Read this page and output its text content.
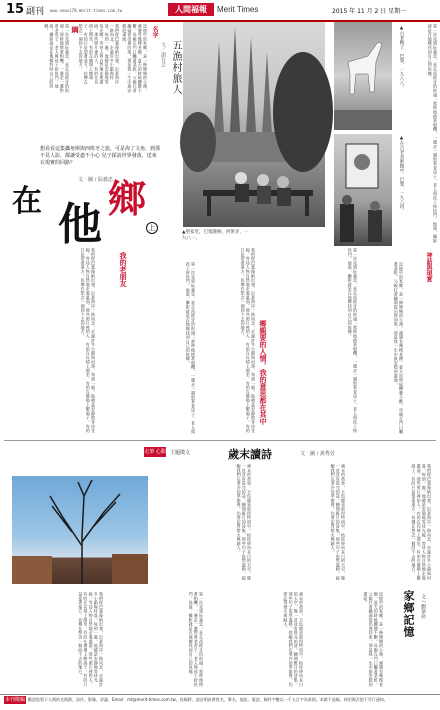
15 副刊 www.newsi78.merit-times.com.tw	人間福報	Merit Times	2015 年 11 月 2 日 星期一
第一次見到阮義忠，是在西班牙的街頭；那時他揹著相機，一邊走一邊對著老房子、老人與孩子按快門。他說，攝影就是在他鄉找回自己的故鄉。	綱	我們從巴塞隆納出發，沿著海岸一路向北，走過許多小鎮與村落。每到一處，他總是安靜地等待光線，等待人物自然地走進畫面。那些照片裡的人，有的在長椅上閒坐，有的在廣場上餵鴿子，有的只是望著遠方，彷彿在想念一個回不去的地方。	名字
記憶中的家鄉，是一條彎彎的小溪，溪邊有幾棵老樹，夏天的時候蟬聲不斷。母親在門口曬著菜乾，父親扛著鋤頭從田裡回來，那是我一生中最安穩的畫面。
五漁村旅人
文／謝有芸
想看看這集攝角斯與西班牙之旅，可是海了文角，到那不見人影，都讓受盡不小心 兒子採訪世界發落，送來在現實的回路？
在 他
鄉
上
文‧圖 / 阮義忠
▲聖家堂，巴塞隆納，西班牙，一九八一。
▲古老鴨子．巴黎．一九八八。
▲在古老美術館中，巴黎，一九八四。	第一次見到阮義忠，是在西班牙的街頭；那時他揹著相機，一邊走一邊對著老房子、老人與孩子按快門。他說，攝影就是在他鄉找回自己的故鄉。
我們從巴塞隆納出發，沿著海岸一路向北，走過許多小鎮與村落。每到一處，他總是安靜地等待光線，等待人物自然地走進畫面。那些照片裡的人，有的在長椅上閒坐，有的在廣場上餵鴿子，有的只是望著遠方，彷彿在想念一個回不去的地方。	我的老朋友	第一次見到阮義忠，是在西班牙的街頭；那時他揹著相機，一邊走一邊對著老房子、老人與孩子按快門。他說，攝影就是在他鄉找回自己的故鄉。	我們從巴塞隆納出發，沿著海岸一路向北，走過許多小鎮與村落。每到一處，他總是安靜地等待光線，等待人物自然地走進畫面。那些照片裡的人，有的在長椅上閒坐，有的在廣場上餵鴿子，有的只是望著遠方，彷彿在想念一個回不去的地方。
鄉親要的人情，我的意思都在其中	第一次見到阮義忠，是在西班牙的街頭；那時他揹著相機，一邊走一邊對著老房子、老人與孩子按快門。他說，攝影就是在他鄉找回自己的故鄉。	記憶中的家鄉，是一條彎彎的小溪，溪邊有幾棵老樹，夏天的時候蟬聲不斷。母親在門口曬著菜乾，父親扛著鋤頭從田裡回來，那是我一生中最安穩的畫面。	神話與現實
走筆 心動 主題徵文	歲末讀詩	文‧圖 / 黃秀芳
歲末的黃昏，天色總是暗得特別早。枯枝伸向灰白的天空，像一首沒有寫完的詩。翻開舊日的詩集，那些句子依然溫熱，提醒我們在寒冷的季節裡，仍要記得燈火與歸人。	歲末的黃昏，天色總是暗得特別早。枯枝伸向灰白的天空，像一首沒有寫完的詩。翻開舊日的詩集，那些句子依然溫熱，提醒我們在寒冷的季節裡，仍要記得燈火與歸人。	我們從巴塞隆納出發，沿著海岸一路向北，走過許多小鎮與村落。每到一處，他總是安靜地等待光線，等待人物自然地走進畫面。那些照片裡的人，有的在長椅上閒坐，有的在廣場上餵鴿子，有的只是望著遠方，彷彿在想念一個回不去的地方。
我們從巴塞隆納出發，沿著海岸一路向北，走過許多小鎮與村落。每到一處，他總是安靜地等待光線，等待人物自然地走進畫面。那些照片裡的人，有的在長椅上閒坐，有的在廣場上餵鴿子，有的只是望著遠方，彷彿在想念一個回不去的地方。	第一次見到阮義忠，是在西班牙的街頭；那時他揹著相機，一邊走一邊對著老房子、老人與孩子按快門。他說，攝影就是在他鄉找回自己的故鄉。	歲末的黃昏，天色總是暗得特別早。枯枝伸向灰白的天空，像一首沒有寫完的詩。翻開舊日的詩集，那些句子依然溫熱，提醒我們在寒冷的季節裡，仍要記得燈火與歸人。	記憶中的家鄉，是一條彎彎的小溪，溪邊有幾棵老樹，夏天的時候蟬聲不斷。母親在門口曬著菜乾，父親扛著鋤頭從田裡回來，那是我一生中最安穩的畫面。	家鄉記憶 文 / 劉華珍
本刊徵稿 歡迎您寫下人間的光與熱，詩作、影像、評論，Email：mt@merit-times.com.tw。投稿時，請註明真實姓名、筆名、地址、電話，稿件字數以一千五百字為原則。本報不退稿，採用與否恕不另行通知。
